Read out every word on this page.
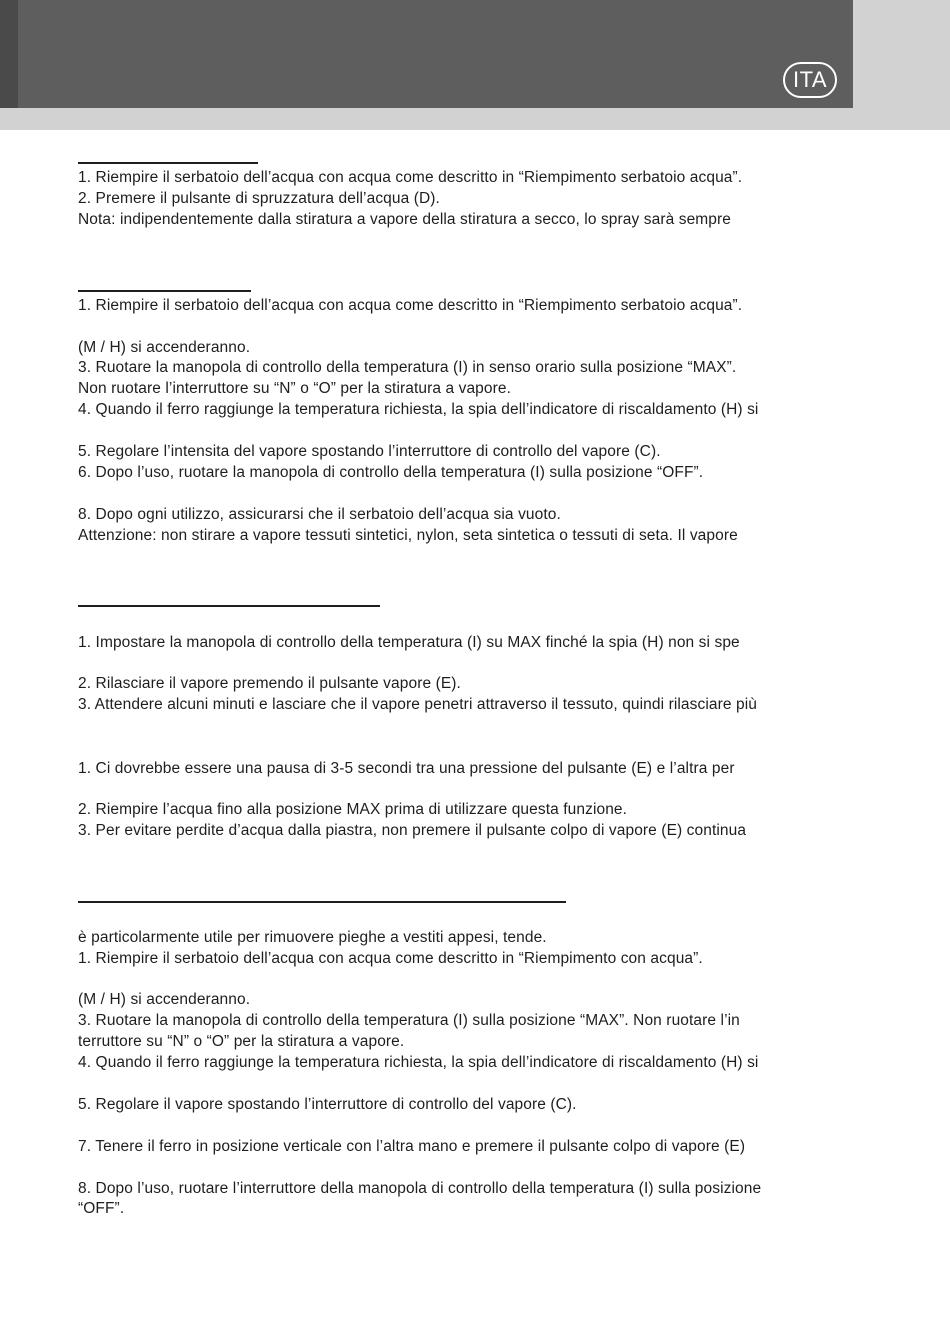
ITA
1. Riempire il serbatoio dell’acqua con acqua come descritto in “Riempimento serbatoio acqua”.
2. Premere il pulsante di spruzzatura dell’acqua (D).
Nota: indipendentemente dalla stiratura a vapore della stiratura a secco, lo spray sarà sempre
1. Riempire il serbatoio dell’acqua con acqua come descritto in “Riempimento serbatoio acqua”.
(M / H) si accenderanno.
3. Ruotare la manopola di controllo della temperatura (I) in senso orario sulla posizione “MAX”.
Non ruotare l’interruttore su “N” o “O” per la stiratura a vapore.
4. Quando il ferro raggiunge la temperatura richiesta, la spia dell’indicatore di riscaldamento (H) si
5. Regolare l’intensita del vapore spostando l’interruttore di controllo del vapore (C).
6. Dopo l’uso, ruotare la manopola di controllo della temperatura (I) sulla posizione “OFF”.
8. Dopo ogni utilizzo, assicurarsi che il serbatoio dell’acqua sia vuoto.
Attenzione: non stirare a vapore tessuti sintetici, nylon, seta sintetica o tessuti di seta. Il vapore
1. Impostare la manopola di controllo della temperatura (I) su MAX finché la spia (H) non si spe
2. Rilasciare il vapore premendo il pulsante vapore (E).
3. Attendere alcuni minuti e lasciare che il vapore penetri attraverso il tessuto, quindi rilasciare più
1. Ci dovrebbe essere una pausa di 3-5 secondi tra una pressione del pulsante (E) e l’altra per
2. Riempire l’acqua fino alla posizione MAX prima di utilizzare questa funzione.
3. Per evitare perdite d’acqua dalla piastra, non premere il pulsante colpo di vapore (E) continua
è particolarmente utile per rimuovere pieghe a vestiti appesi, tende.
1. Riempire il serbatoio dell’acqua con acqua come descritto in “Riempimento con acqua”.
(M / H) si accenderanno.
3. Ruotare la manopola di controllo della temperatura (I) sulla posizione “MAX”. Non ruotare l’in
terruttore su “N” o “O” per la stiratura a vapore.
4. Quando il ferro raggiunge la temperatura richiesta, la spia dell’indicatore di riscaldamento (H) si
5. Regolare il vapore spostando l’interruttore di controllo del vapore (C).
7. Tenere il ferro in posizione verticale con l’altra mano e premere il pulsante colpo di vapore (E)
8. Dopo l’uso, ruotare l’interruttore della manopola di controllo della temperatura (I) sulla posizione
“OFF”.
